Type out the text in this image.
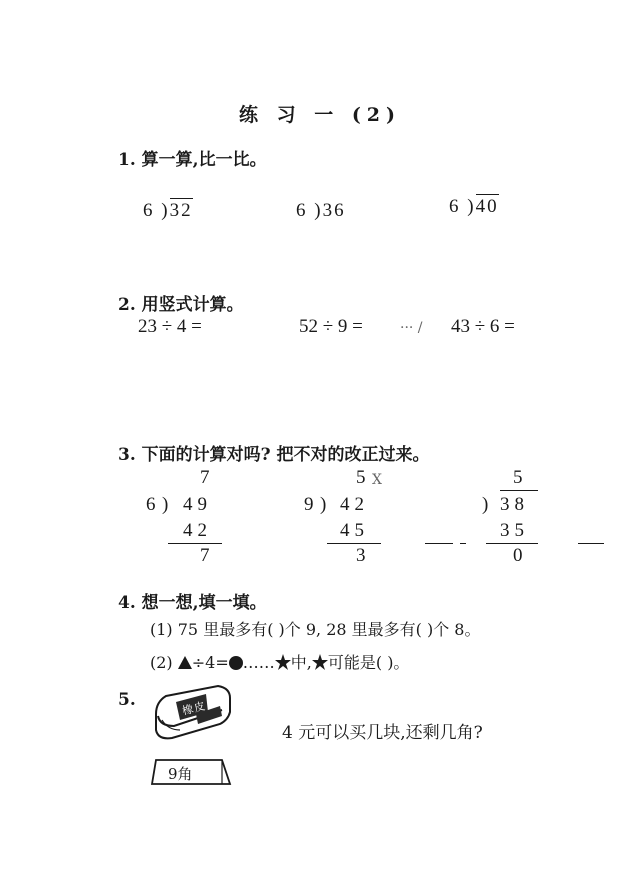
练 习 一 (2)
1. 算一算,比一比。
6 )32	6 )36	6 )40
2. 用竖式计算。
23 ÷ 4 =	52 ÷ 9 =	··· / 43 ÷ 6 =
3. 下面的计算对吗? 把不对的改正过来。
7
6 ) 49
42
7
5 X
9 ) 42
45
3
5
) 38
35
0
4. 想一想,填一填。
(1) 75 里最多有( )个 9, 28 里最多有( )个 8。
(2) ÷4= …… 中, 可能是( )。
5.	橡皮
9角
4 元可以买几块,还剩几角?
